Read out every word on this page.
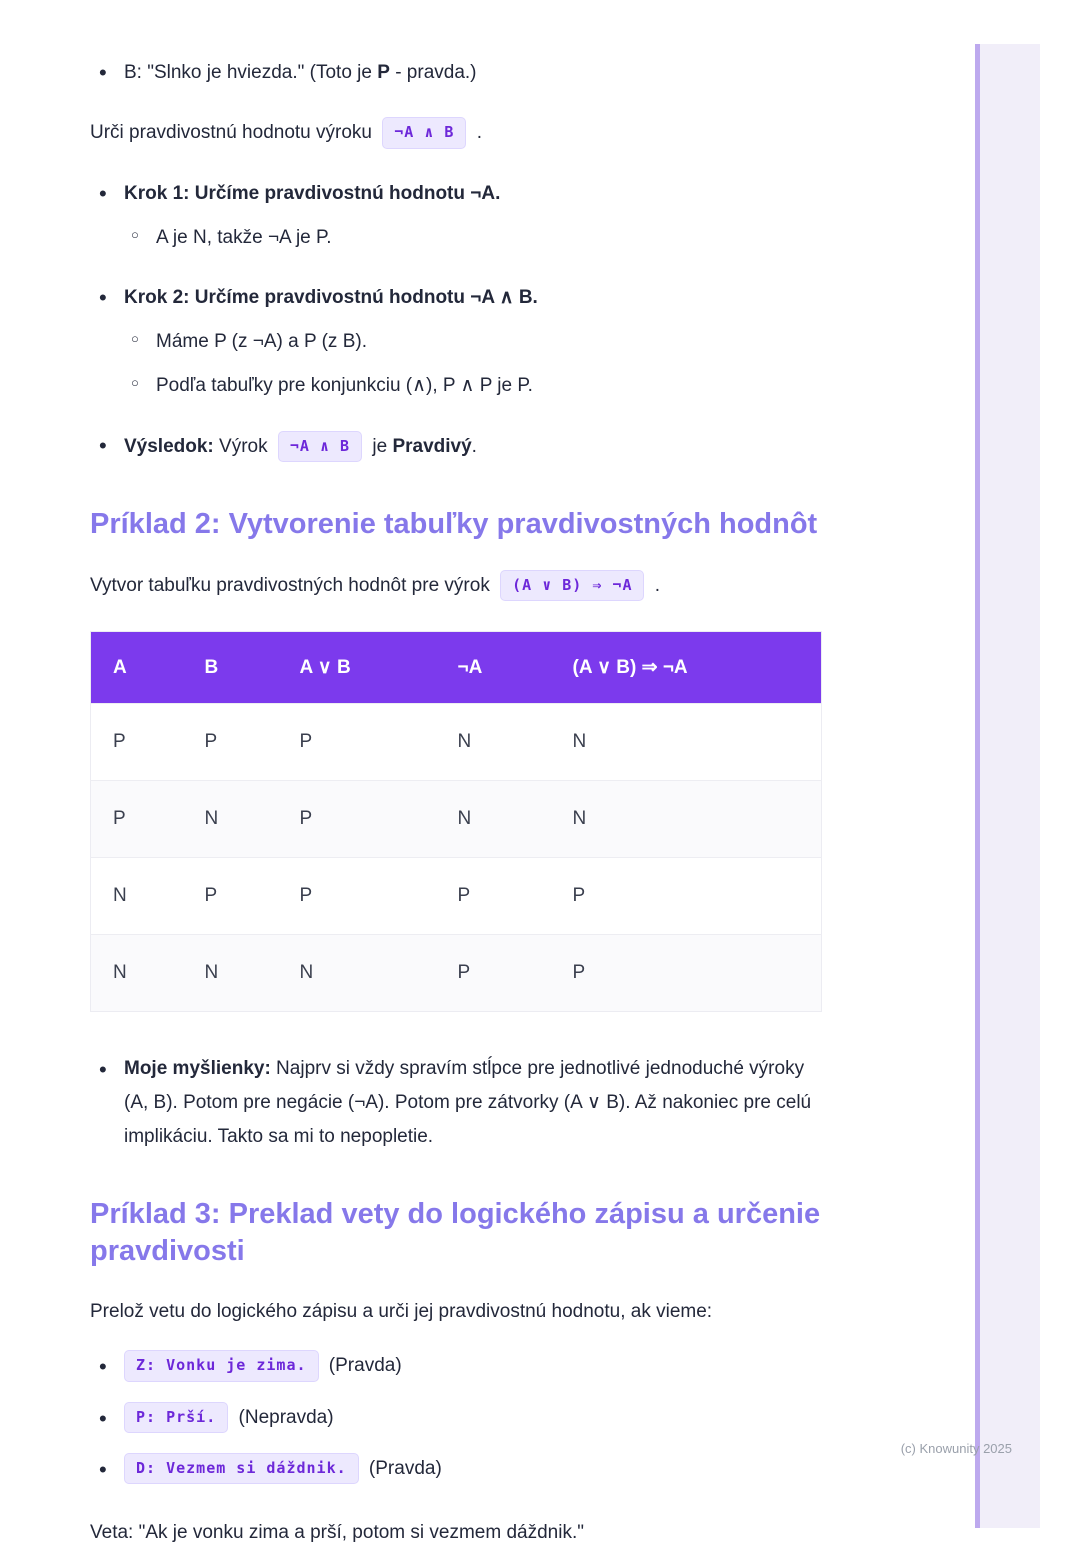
• B: "Slnko je hviezda." (Toto je P - pravda.)
Urči pravdivostnú hodnotu výroku ¬A ∧ B .
• Krok 1: Určíme pravdivostnú hodnotu ¬A.
○ A je N, takže ¬A je P.
• Krok 2: Určíme pravdivostnú hodnotu ¬A ∧ B.
○ Máme P (z ¬A) a P (z B).
○ Podľa tabuľky pre konjunkciu (∧), P ∧ P je P.
• Výsledok: Výrok ¬A ∧ B je Pravdivý.
Príklad 2: Vytvorenie tabuľky pravdivostných hodnôt
Vytvor tabuľku pravdivostných hodnôt pre výrok (A ∨ B) ⇒ ¬A .
A	B	A ∨ B	¬A	(A ∨ B) ⇒ ¬A
P	P	P	N	N
P	N	P	N	N
N	P	P	P	P
N	N	N	P	P
• Moje myšlienky: Najprv si vždy spravím stĺpce pre jednotlivé jednoduché výroky (A, B). Potom pre negácie (¬A). Potom pre zátvorky (A ∨ B). Až nakoniec pre celú implikáciu. Takto sa mi to nepopletie.
Príklad 3: Preklad vety do logického zápisu a určenie pravdivosti
Prelož vetu do logického zápisu a urči jej pravdivostnú hodnotu, ak vieme:
• Z: Vonku je zima. (Pravda)
• P: Prší. (Nepravda)
• D: Vezmem si dáždnik. (Pravda)
Veta: "Ak je vonku zima a prší, potom si vezmem dáždnik."
(c) Knowunity 2025
